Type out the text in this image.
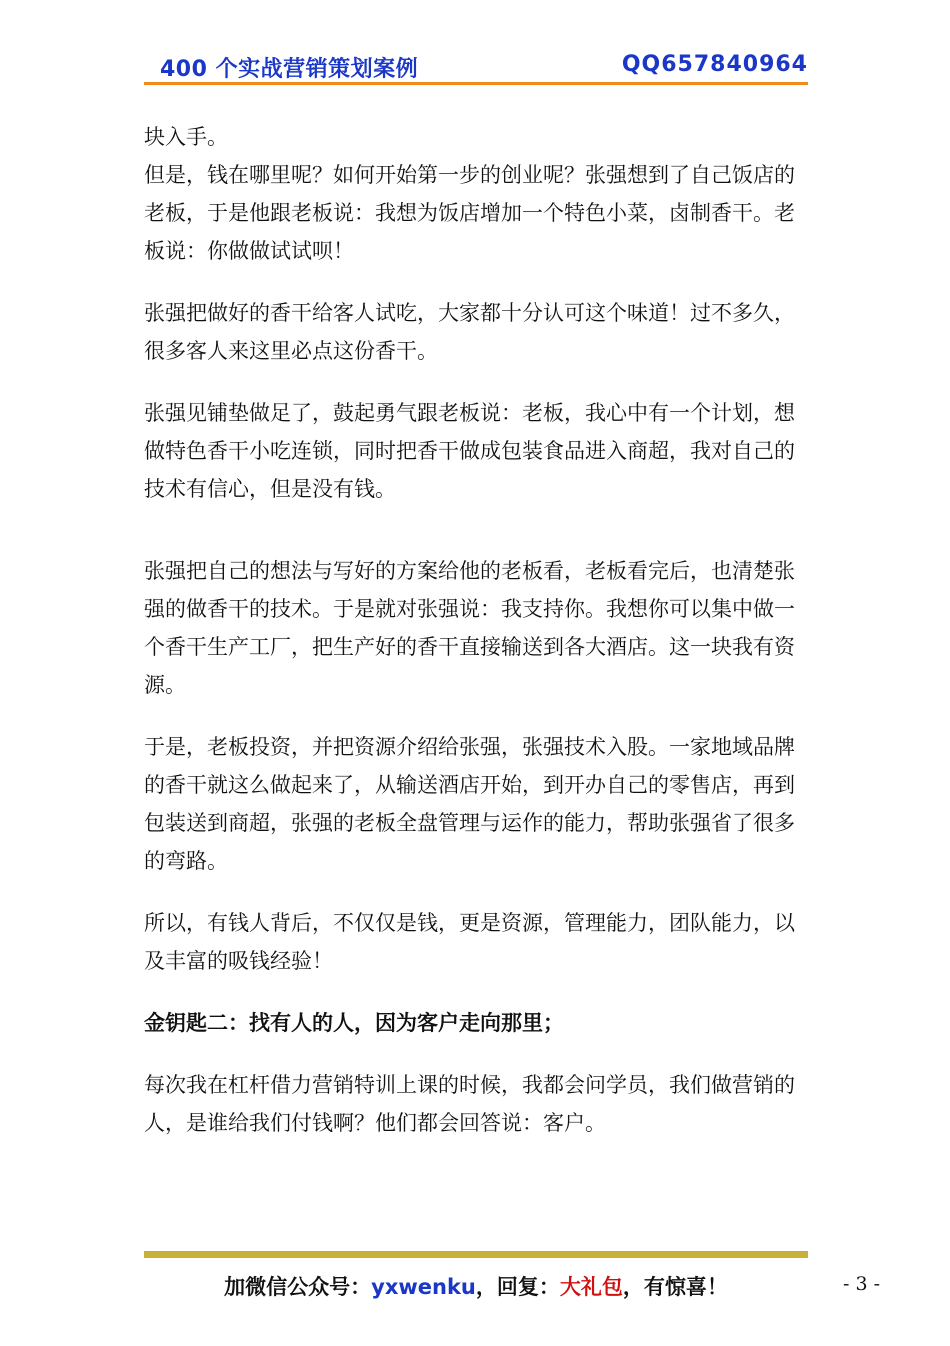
400 个实战营销策划案例	QQ657840964

块入手。

但是，钱在哪里呢？如何开始第一步的创业呢？张强想到了自己饭店的老板，于是他跟老板说：我想为饭店增加一个特色小菜，卤制香干。老板说：你做做试试呗！

张强把做好的香干给客人试吃，大家都十分认可这个味道！过不多久，很多客人来这里必点这份香干。

张强见铺垫做足了，鼓起勇气跟老板说：老板，我心中有一个计划，想做特色香干小吃连锁，同时把香干做成包装食品进入商超，我对自己的技术有信心，但是没有钱。

张强把自己的想法与写好的方案给他的老板看，老板看完后，也清楚张强的做香干的技术。于是就对张强说：我支持你。我想你可以集中做一个香干生产工厂，把生产好的香干直接输送到各大酒店。这一块我有资源。

于是，老板投资，并把资源介绍给张强，张强技术入股。一家地域品牌的香干就这么做起来了，从输送酒店开始，到开办自己的零售店，再到包装送到商超，张强的老板全盘管理与运作的能力，帮助张强省了很多的弯路。

所以，有钱人背后，不仅仅是钱，更是资源，管理能力，团队能力，以及丰富的吸钱经验！

金钥匙二：找有人的人，因为客户走向那里；

每次我在杠杆借力营销特训上课的时候，我都会问学员，我们做营销的人，是谁给我们付钱啊？他们都会回答说：客户。

加微信公众号：yxwenku，回复：大礼包，有惊喜！	- 3 -
